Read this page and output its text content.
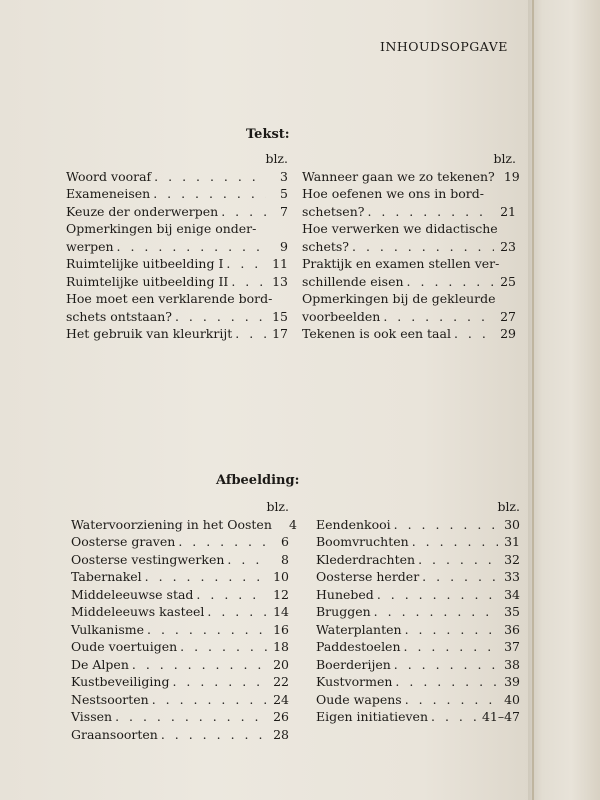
INHOUDSOPGAVE
Tekst:
blz.
Woord vooraf . . .	3
Exameneisen . . .	5
Keuze der onderwerpen . . .	7
Opmerkingen bij enige onder-
werpen . . .	9
Ruimtelijke uitbeelding I . . .	11
Ruimtelijke uitbeelding II . . .	13
Hoe moet een verklarende bord-
schets ontstaan? . . .	15
Het gebruik van kleurkrijt . . .	17
blz.
Wanneer gaan we zo tekenen? . . . 19
Hoe oefenen we ons in bord-
schetsen? . . .	21
Hoe verwerken we didactische
schets? . . .	23
Praktijk en examen stellen ver-
schillende eisen . . .	25
Opmerkingen bij de gekleurde
voorbeelden . . .	27
Tekenen is ook een taal . . .	29
Afbeelding:
blz.
Watervoorziening in het Oosten . . .	4
Oosterse graven . . .	6
Oosterse vestingwerken . . .	8
Tabernakel . . .	10
Middeleeuwse stad . . .	12
Middeleeuws kasteel . . .	14
Vulkanisme . . .	16
Oude voertuigen . . .	18
De Alpen . . .	20
Kustbeveiliging . . .	22
Nestsoorten . . .	24
Vissen . . .	26
Graansoorten . . .	28
blz.
Eendenkooi . . .	30
Boomvruchten . . .	31
Klederdrachten . . .	32
Oosterse herder . . .	33
Hunebed . . .	34
Bruggen . . .	35
Waterplanten . . .	36
Paddestoelen . . .	37
Boerderijen . . .	38
Kustvormen . . .	39
Oude wapens . . .	40
Eigen initiatieven . . .	41–47
